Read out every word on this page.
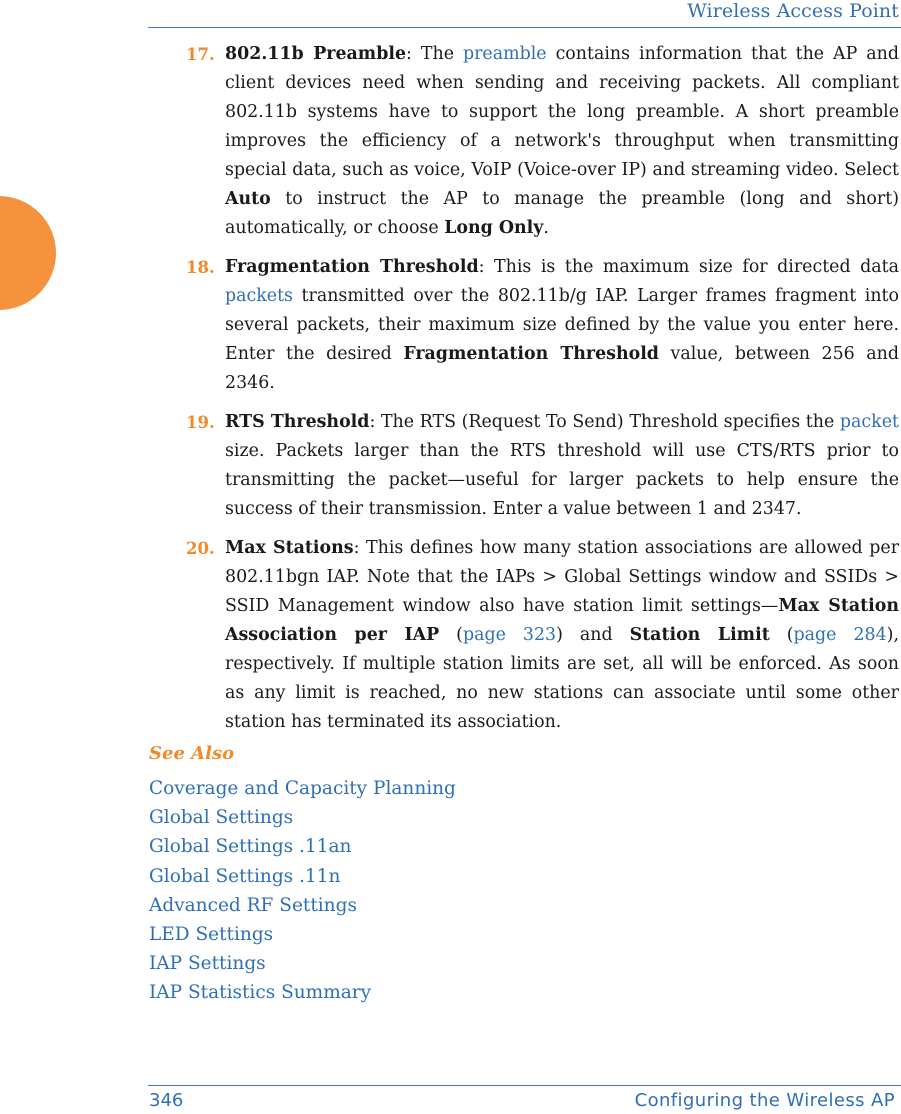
Wireless Access Point
17. 802.11b Preamble: The preamble contains information that the AP and client devices need when sending and receiving packets. All compliant 802.11b systems have to support the long preamble. A short preamble improves the efficiency of a network's throughput when transmitting special data, such as voice, VoIP (Voice-over IP) and streaming video. Select Auto to instruct the AP to manage the preamble (long and short) automatically, or choose Long Only.
18. Fragmentation Threshold: This is the maximum size for directed data packets transmitted over the 802.11b/g IAP. Larger frames fragment into several packets, their maximum size defined by the value you enter here. Enter the desired Fragmentation Threshold value, between 256 and 2346.
19. RTS Threshold: The RTS (Request To Send) Threshold specifies the packet size. Packets larger than the RTS threshold will use CTS/RTS prior to transmitting the packet—useful for larger packets to help ensure the success of their transmission. Enter a value between 1 and 2347.
20. Max Stations: This defines how many station associations are allowed per 802.11bgn IAP. Note that the IAPs > Global Settings window and SSIDs > SSID Management window also have station limit settings—Max Station Association per IAP (page 323) and Station Limit (page 284), respectively. If multiple station limits are set, all will be enforced. As soon as any limit is reached, no new stations can associate until some other station has terminated its association.
See Also
Coverage and Capacity Planning
Global Settings
Global Settings .11an
Global Settings .11n
Advanced RF Settings
LED Settings
IAP Settings
IAP Statistics Summary
346	Configuring the Wireless AP
